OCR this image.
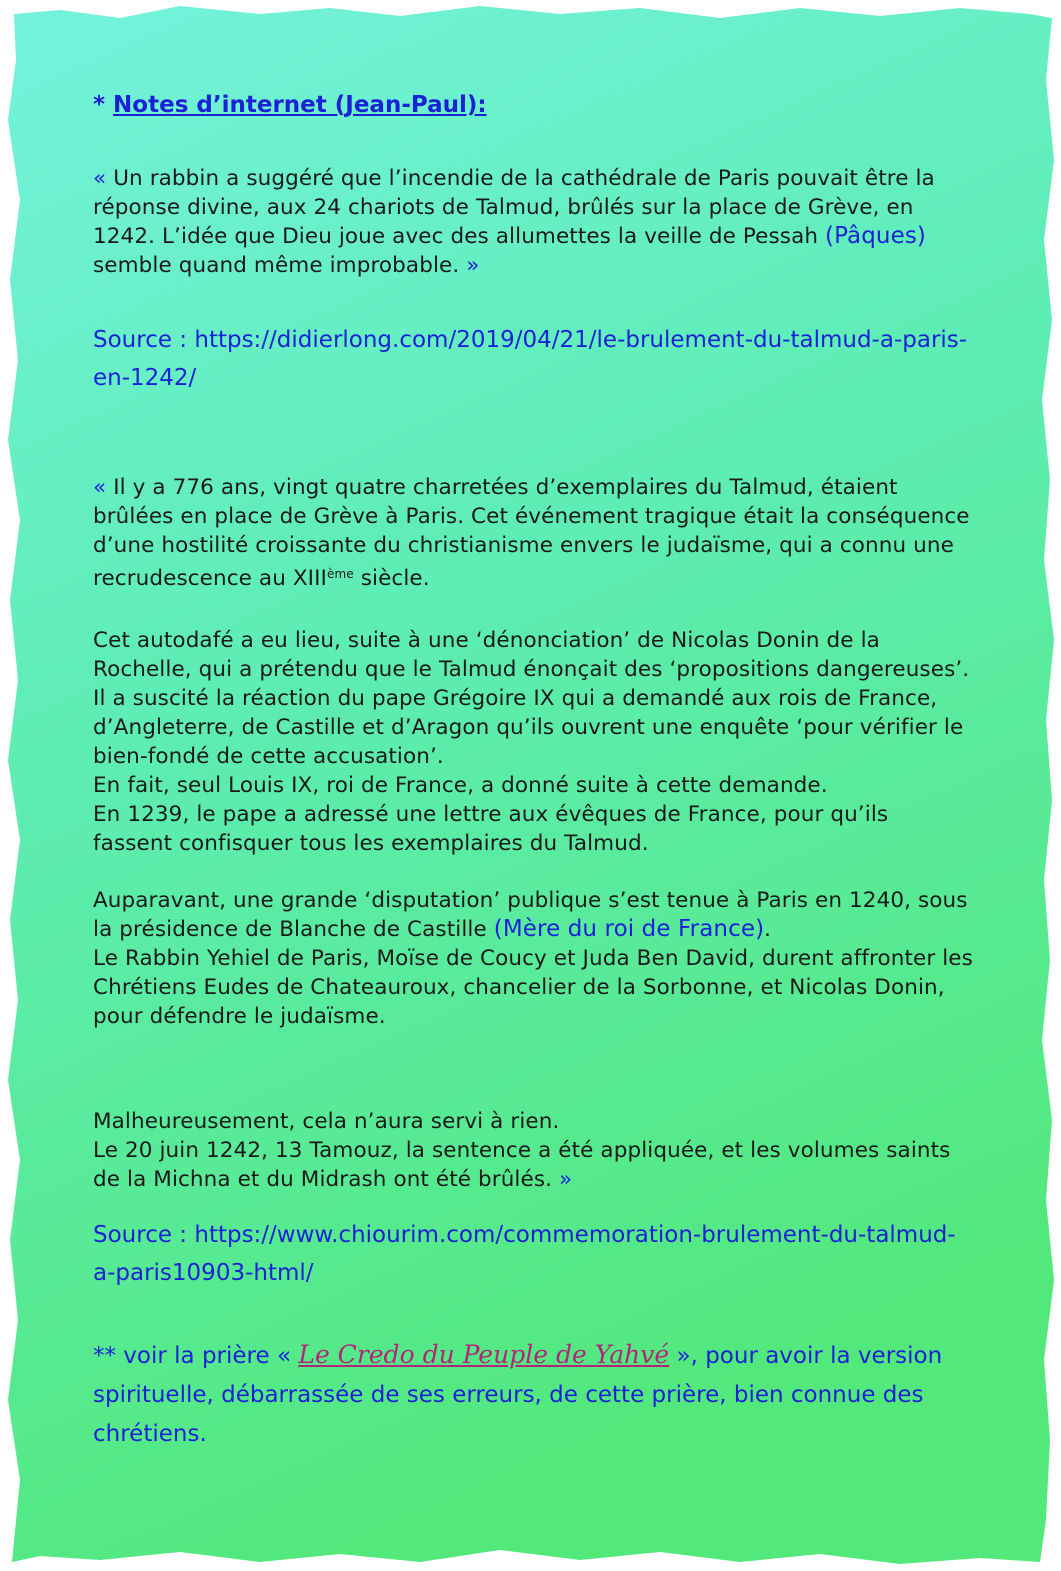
* Notes d’internet (Jean-Paul):

« Un rabbin a suggéré que l’incendie de la cathédrale de Paris pouvait être la réponse divine, aux 24 chariots de Talmud, brûlés sur la place de Grève, en 1242. L’idée que Dieu joue avec des allumettes la veille de Pessah (Pâques) semble quand même improbable. »

Source : https://didierlong.com/2019/04/21/le-brulement-du-talmud-a-paris-en-1242/

« Il y a 776 ans, vingt quatre charretées d’exemplaires du Talmud, étaient brûlées en place de Grève à Paris. Cet événement tragique était la conséquence d’une hostilité croissante du christianisme envers le judaïsme, qui a connu une recrudescence au XIIIème siècle.

Cet autodafé a eu lieu, suite à une ‘dénonciation’ de Nicolas Donin de la Rochelle, qui a prétendu que le Talmud énonçait des ‘propositions dangereuses’. Il a suscité la réaction du pape Grégoire IX qui a demandé aux rois de France, d’Angleterre, de Castille et d’Aragon qu’ils ouvrent une enquête ‘pour vérifier le bien-fondé de cette accusation’.
En fait, seul Louis IX, roi de France, a donné suite à cette demande.
En 1239, le pape a adressé une lettre aux évêques de France, pour qu’ils fassent confisquer tous les exemplaires du Talmud.

Auparavant, une grande ‘disputation’ publique s’est tenue à Paris en 1240, sous la présidence de Blanche de Castille (Mère du roi de France).
Le Rabbin Yehiel de Paris, Moïse de Coucy et Juda Ben David, durent affronter les Chrétiens Eudes de Chateauroux, chancelier de la Sorbonne, et Nicolas Donin, pour défendre le judaïsme.

Malheureusement, cela n’aura servi à rien.
Le 20 juin 1242, 13 Tamouz, la sentence a été appliquée, et les volumes saints de la Michna et du Midrash ont été brûlés. »

Source : https://www.chiourim.com/commemoration-brulement-du-talmud-a-paris10903-html/
** voir la prière « Le Credo du Peuple de Yahvé », pour avoir la version spirituelle, débarrassée de ses erreurs, de cette prière, bien connue des chrétiens.
